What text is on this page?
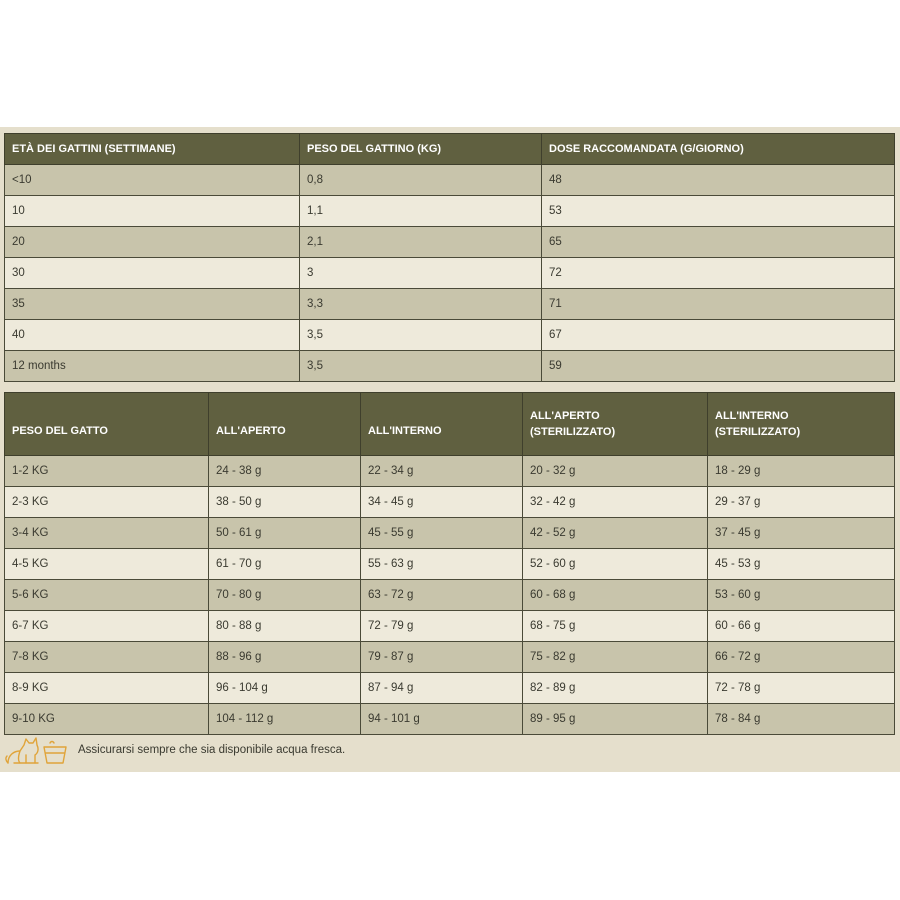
ETÀ DEI GATTINI (SETTIMANE)	PESO DEL GATTINO (KG)	DOSE RACCOMANDATA (G/GIORNO)
<10	0,8	48
10	1,1	53
20	2,1	65
30	3	72
35	3,3	71
40	3,5	67
12 months	3,5	59
PESO DEL GATTO	ALL'APERTO	ALL'INTERNO	ALL'APERTO (STERILIZZATO)	ALL'INTERNO (STERILIZZATO)
1-2 KG	24 - 38 g	22 - 34 g	20 - 32 g	18 - 29 g
2-3 KG	38 - 50 g	34 - 45 g	32 - 42 g	29 - 37 g
3-4 KG	50 - 61 g	45 - 55 g	42 - 52 g	37 - 45 g
4-5 KG	61 - 70 g	55 - 63 g	52 - 60 g	45 - 53 g
5-6 KG	70 - 80 g	63 - 72 g	60 - 68 g	53 - 60 g
6-7 KG	80 - 88 g	72 - 79 g	68 - 75 g	60 - 66 g
7-8 KG	88 - 96 g	79 - 87 g	75 - 82 g	66 - 72 g
8-9 KG	96 - 104 g	87 - 94 g	82 - 89 g	72 - 78 g
9-10 KG	104 - 112 g	94 - 101 g	89 - 95 g	78 - 84 g
Assicurarsi sempre che sia disponibile acqua fresca.
